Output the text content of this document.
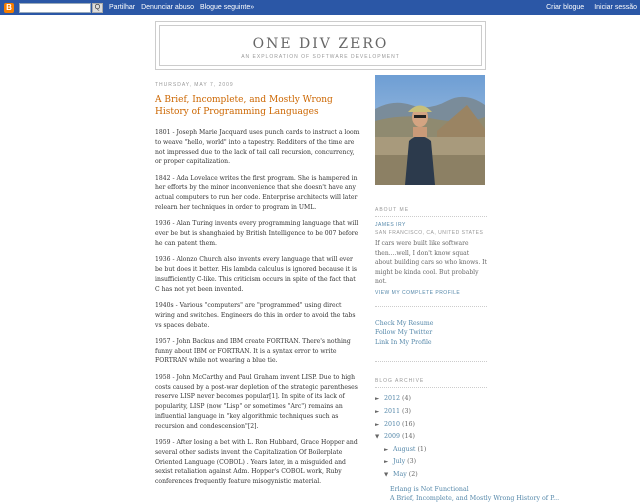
B	Q	Partilhar Denunciar abuso Blogue seguinte»	Criar blogue Iniciar sessão
ONE DIV ZERO
AN EXPLORATION OF SOFTWARE DEVELOPMENT
THURSDAY, MAY 7, 2009
A Brief, Incomplete, and Mostly Wrong History of Programming Languages

1801 - Joseph Marie Jacquard uses punch cards to instruct a loom to weave "hello, world" into a tapestry. Redditers of the time are not impressed due to the lack of tail call recursion, concurrency, or proper capitalization.

1842 - Ada Lovelace writes the first program. She is hampered in her efforts by the minor inconvenience that she doesn't have any actual computers to run her code. Enterprise architects will later relearn her techniques in order to program in UML.

1936 - Alan Turing invents every programming language that will ever be but is shanghaied by British Intelligence to be 007 before he can patent them.

1936 - Alonzo Church also invents every language that will ever be but does it better. His lambda calculus is ignored because it is insufficiently C-like. This criticism occurs in spite of the fact that C has not yet been invented.

1940s - Various "computers" are "programmed" using direct wiring and switches. Engineers do this in order to avoid the tabs vs spaces debate.

1957 - John Backus and IBM create FORTRAN. There's nothing funny about IBM or FORTRAN. It is a syntax error to write FORTRAN while not wearing a blue tie.

1958 - John McCarthy and Paul Graham invent LISP. Due to high costs caused by a post-war depletion of the strategic parentheses reserve LISP never becomes popular[1]. In spite of its lack of popularity, LISP (now "Lisp" or sometimes "Arc") remains an influential language in "key algorithmic techniques such as recursion and condescension"[2].

1959 - After losing a bet with L. Ron Hubbard, Grace Hopper and several other sadists invent the Capitalization Of Boilerplate Oriented Language (COBOL) . Years later, in a misguided and sexist retaliation against Adm. Hopper's COBOL work, Ruby conferences frequently feature misogynistic material.

ABOUT ME
JAMES IRY
SAN FRANCISCO, CA, UNITED STATES
If cars were built like software then....well, I don't know squat about building cars so who knows. It might be kinda cool. But probably not.
VIEW MY COMPLETE PROFILE
Check My Resume
Follow My Twitter
Link In My Profile
BLOG ARCHIVE
► 2012 (4)
► 2011 (3)
► 2010 (16)
▼ 2009 (14)
► August (1)
► July (3)
▼ May (2)
Erlang is Not Functional
A Brief, Incomplete, and Mostly Wrong History of P...
